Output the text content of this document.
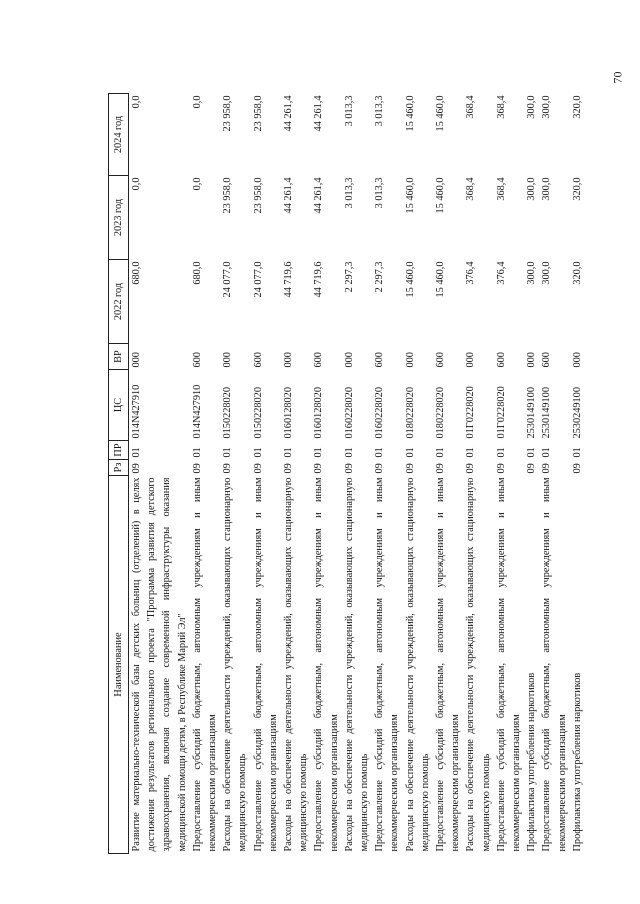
70
Наименование	Рз	ПР	ЦС	ВР	2022 год	2023 год	2024 год
Развитие материально-технической базы детских больниц (отделений) в целях достижения результатов регионального проекта "Программа развития детского здравоохранения, включая создание современной инфраструктуры оказания медицинской помощи детям, в Республике Марий Эл"	09	01	014N427910	000	680,0	0,0	0,0
Предоставление субсидий бюджетным, автономным учреждениям и иным некоммерческим организациям	09	01	014N427910	600	680,0	0,0	0,0
Расходы на обеспечение деятельности учреждений, оказывающих стационарную медицинскую помощь	09	01	0150228020	000	24 077,0	23 958,0	23 958,0
Предоставление субсидий бюджетным, автономным учреждениям и иным некоммерческим организациям	09	01	0150228020	600	24 077,0	23 958,0	23 958,0
Расходы на обеспечение деятельности учреждений, оказывающих стационарную медицинскую помощь	09	01	0160128020	000	44 719,6	44 261,4	44 261,4
Предоставление субсидий бюджетным, автономным учреждениям и иным некоммерческим организациям	09	01	0160128020	600	44 719,6	44 261,4	44 261,4
Расходы на обеспечение деятельности учреждений, оказывающих стационарную медицинскую помощь	09	01	0160228020	000	2 297,3	3 013,3	3 013,3
Предоставление субсидий бюджетным, автономным учреждениям и иным некоммерческим организациям	09	01	0160228020	600	2 297,3	3 013,3	3 013,3
Расходы на обеспечение деятельности учреждений, оказывающих стационарную медицинскую помощь	09	01	0180228020	000	15 460,0	15 460,0	15 460,0
Предоставление субсидий бюджетным, автономным учреждениям и иным некоммерческим организациям	09	01	0180228020	600	15 460,0	15 460,0	15 460,0
Расходы на обеспечение деятельности учреждений, оказывающих стационарную медицинскую помощь	09	01	01Г0228020	000	376,4	368,4	368,4
Предоставление субсидий бюджетным, автономным учреждениям и иным некоммерческим организациям	09	01	01Г0228020	600	376,4	368,4	368,4
Профилактика употребления наркотиков	09	01	2530149100	000	300,0	300,0	300,0
Предоставление субсидий бюджетным, автономным учреждениям и иным некоммерческим организациям	09	01	2530149100	600	300,0	300,0	300,0
Профилактика употребления наркотиков	09	01	2530249100	000	320,0	320,0	320,0
